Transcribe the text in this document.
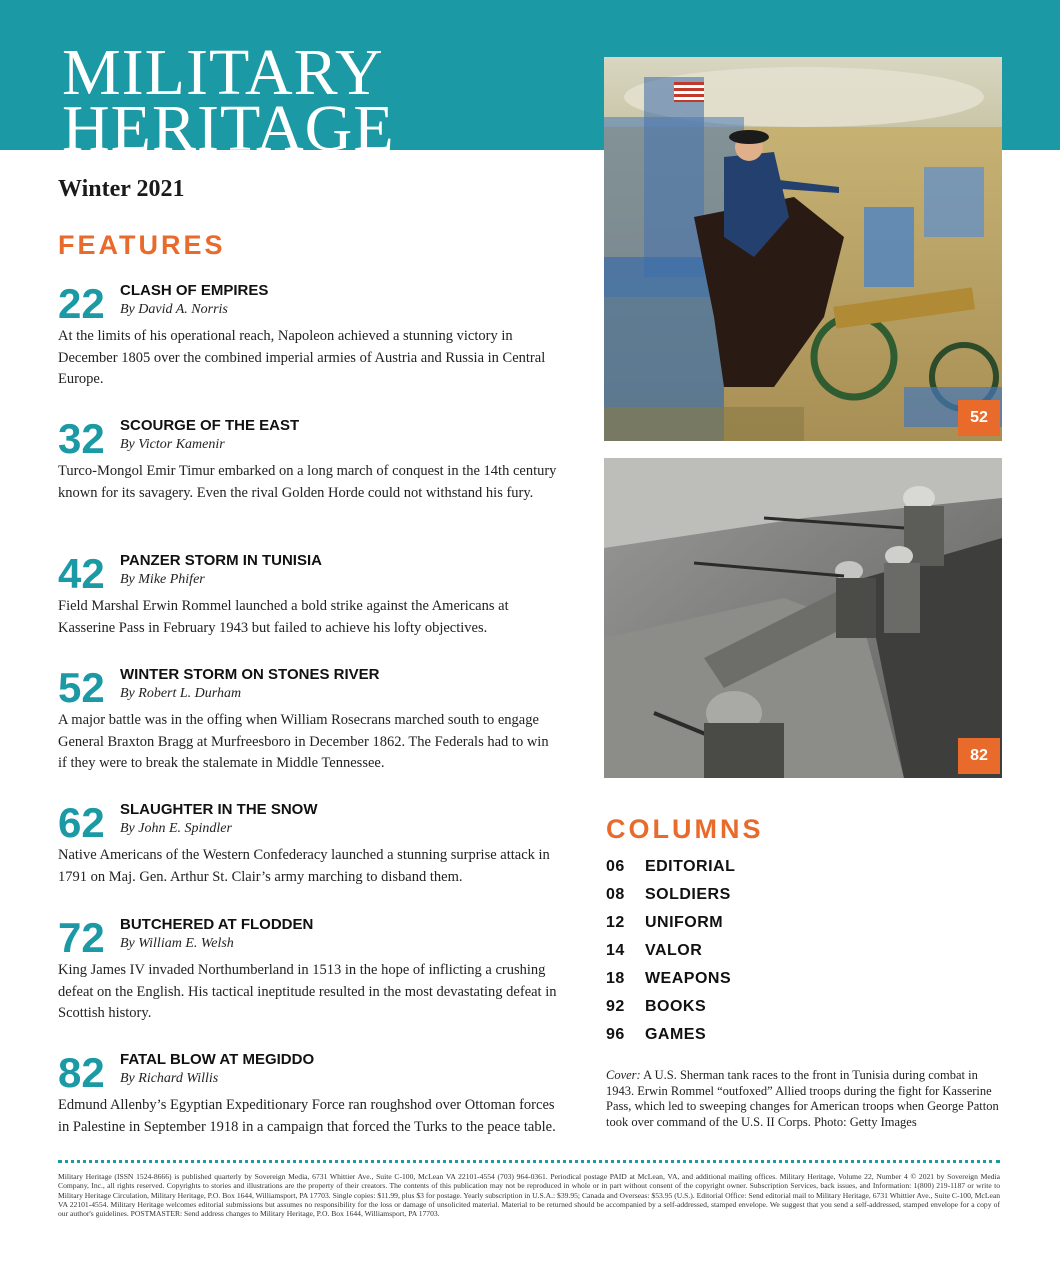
MILITARY
HERITAGE
Winter 2021
FEATURES
22 CLASH OF EMPIRES
By David A. Norris
At the limits of his operational reach, Napoleon achieved a stunning victory in December 1805 over the combined imperial armies of Austria and Russia in Central Europe.
32 SCOURGE OF THE EAST
By Victor Kamenir
Turco-Mongol Emir Timur embarked on a long march of conquest in the 14th century known for its savagery. Even the rival Golden Horde could not withstand his fury.
42 PANZER STORM IN TUNISIA
By Mike Phifer
Field Marshal Erwin Rommel launched a bold strike against the Americans at Kasserine Pass in February 1943 but failed to achieve his lofty objectives.
52 WINTER STORM ON STONES RIVER
By Robert L. Durham
A major battle was in the offing when William Rosecrans marched south to engage General Braxton Bragg at Murfreesboro in December 1862. The Federals had to win if they were to break the stalemate in Middle Tennessee.
62 SLAUGHTER IN THE SNOW
By John E. Spindler
Native Americans of the Western Confederacy launched a stunning surprise attack in 1791 on Maj. Gen. Arthur St. Clair’s army marching to disband them.
72 BUTCHERED AT FLODDEN
By William E. Welsh
King James IV invaded Northumberland in 1513 in the hope of inflicting a crushing defeat on the English. His tactical ineptitude resulted in the most devastating defeat in Scottish history.
82 FATAL BLOW AT MEGIDDO
By Richard Willis
Edmund Allenby’s Egyptian Expeditionary Force ran roughshod over Ottoman forces in Palestine in September 1918 in a campaign that forced the Turks to the peace table.
52
82
COLUMNS
06 EDITORIAL
08 SOLDIERS
12 UNIFORM
14 VALOR
18 WEAPONS
92 BOOKS
96 GAMES
Cover: A U.S. Sherman tank races to the front in Tunisia during combat in 1943. Erwin Rommel “outfoxed” Allied troops during the fight for Kasserine Pass, which led to sweeping changes for American troops when George Patton took over command of the U.S. II Corps. Photo: Getty Images
Military Heritage (ISSN 1524-8666) is published quarterly by Sovereign Media, 6731 Whittier Ave., Suite C-100, McLean VA 22101-4554 (703) 964-0361. Periodical postage PAID at McLean, VA, and additional mailing offices. Military Heritage, Volume 22, Number 4 © 2021 by Sovereign Media Company, Inc., all rights reserved. Copyrights to stories and illustrations are the property of their creators. The contents of this publication may not be reproduced in whole or in part without consent of the copyright owner. Subscription Services, back issues, and Information: 1(800) 219-1187 or write to Military Heritage Circulation, Military Heritage, P.O. Box 1644, Williamsport, PA 17703. Single copies: $11.99, plus $3 for postage. Yearly subscription in U.S.A.: $39.95; Canada and Overseas: $53.95 (U.S.). Editorial Office: Send editorial mail to Military Heritage, 6731 Whittier Ave., Suite C-100, McLean VA 22101-4554. Military Heritage welcomes editorial submissions but assumes no responsibility for the loss or damage of unsolicited material. Material to be returned should be accompanied by a self-addressed, stamped envelope. We suggest that you send a self-addressed, stamped envelope for a copy of our author's guidelines. POSTMASTER: Send address changes to Military Heritage, P.O. Box 1644, Williamsport, PA 17703.
